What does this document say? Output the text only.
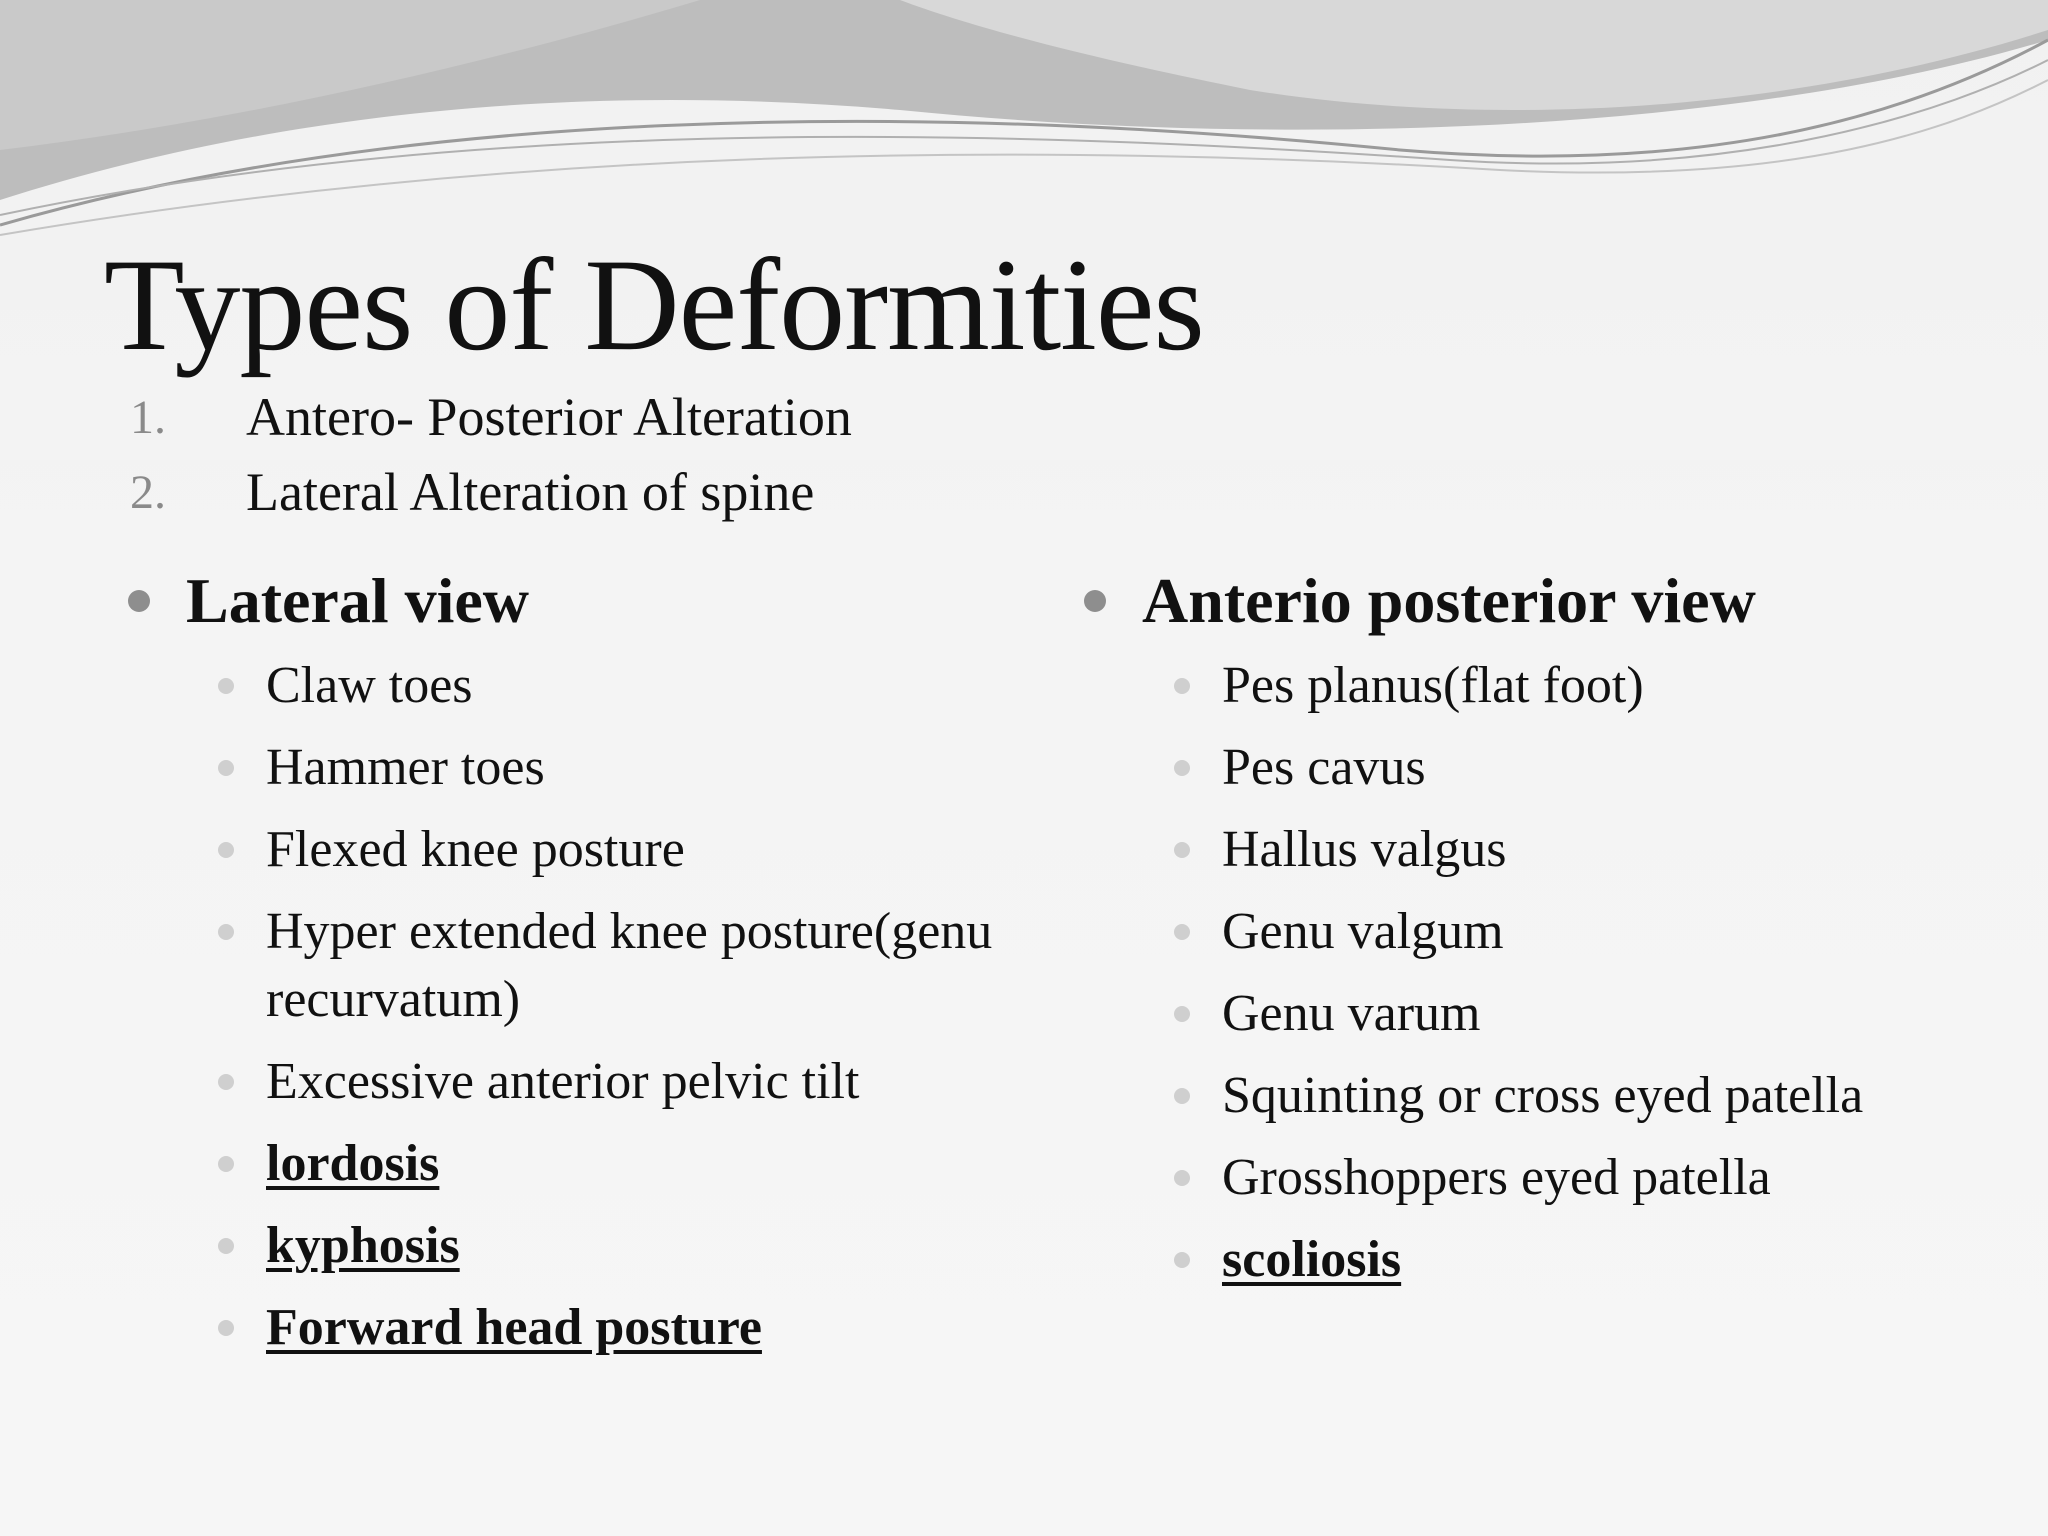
Types of Deformities
1.	Antero- Posterior Alteration
2.	Lateral Alteration of spine
Lateral view
Claw toes
Hammer toes
Flexed knee posture
Hyper extended knee posture(genu recurvatum)
Excessive anterior pelvic tilt
lordosis
kyphosis
Forward head posture
Anterio posterior view
Pes planus(flat foot)
Pes cavus
Hallus valgus
Genu valgum
Genu varum
Squinting or cross eyed patella
Grosshoppers eyed patella
scoliosis
